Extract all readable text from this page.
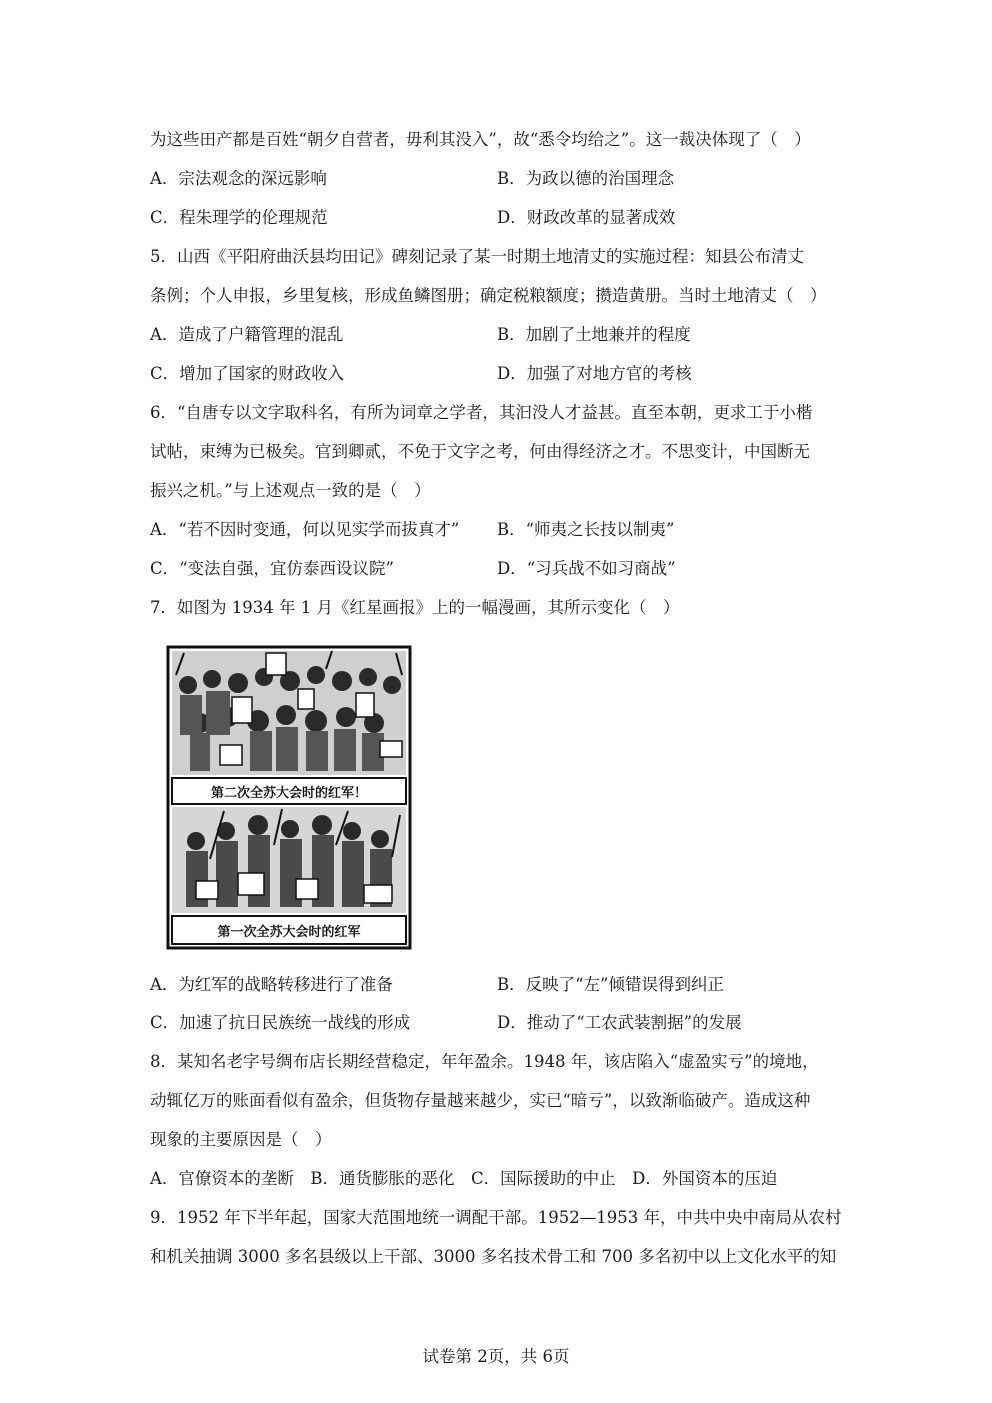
为这些田产都是百姓“朝夕自营者，毋利其没入”，故“悉令均给之”。这一裁决体现了（　）
A．宗法观念的深远影响	B．为政以德的治国理念
C．程朱理学的伦理规范	D．财政改革的显著成效
5．山西《平阳府曲沃县均田记》碑刻记录了某一时期土地清丈的实施过程：知县公布清丈
条例；个人申报，乡里复核，形成鱼鳞图册；确定税粮额度；攒造黄册。当时土地清丈（　）
A．造成了户籍管理的混乱	B．加剧了土地兼并的程度
C．增加了国家的财政收入	D．加强了对地方官的考核
6．“自唐专以文字取科名，有所为词章之学者，其汩没人才益甚。直至本朝，更求工于小楷
试帖，束缚为已极矣。官到卿贰，不免于文字之考，何由得经济之才。不思变计，中国断无
振兴之机。”与上述观点一致的是（　）
A．“若不因时变通，何以见实学而拔真才” B．“师夷之长技以制夷”
C．“变法自强，宜仿泰西设议院”	D．“习兵战不如习商战”
7．如图为 1934 年 1 月《红星画报》上的一幅漫画，其所示变化（　）
第二次全苏大会时的红军！
第一次全苏大会时的红军
A．为红军的战略转移进行了准备	B．反映了“左”倾错误得到纠正
C．加速了抗日民族统一战线的形成	D．推动了“工农武装割据”的发展
8．某知名老字号绸布店长期经营稳定，年年盈余。1948 年，该店陷入“虚盈实亏”的境地，
动辄亿万的账面看似有盈余，但货物存量越来越少，实已“暗亏”，以致渐临破产。造成这种
现象的主要原因是（　）
A．官僚资本的垄断　B．通货膨胀的恶化　C．国际援助的中止　D．外国资本的压迫
9．1952 年下半年起，国家大范围地统一调配干部。1952—1953 年，中共中央中南局从农村
和机关抽调 3000 多名县级以上干部、3000 多名技术骨工和 700 多名初中以上文化水平的知
试卷第 2页，共 6页
